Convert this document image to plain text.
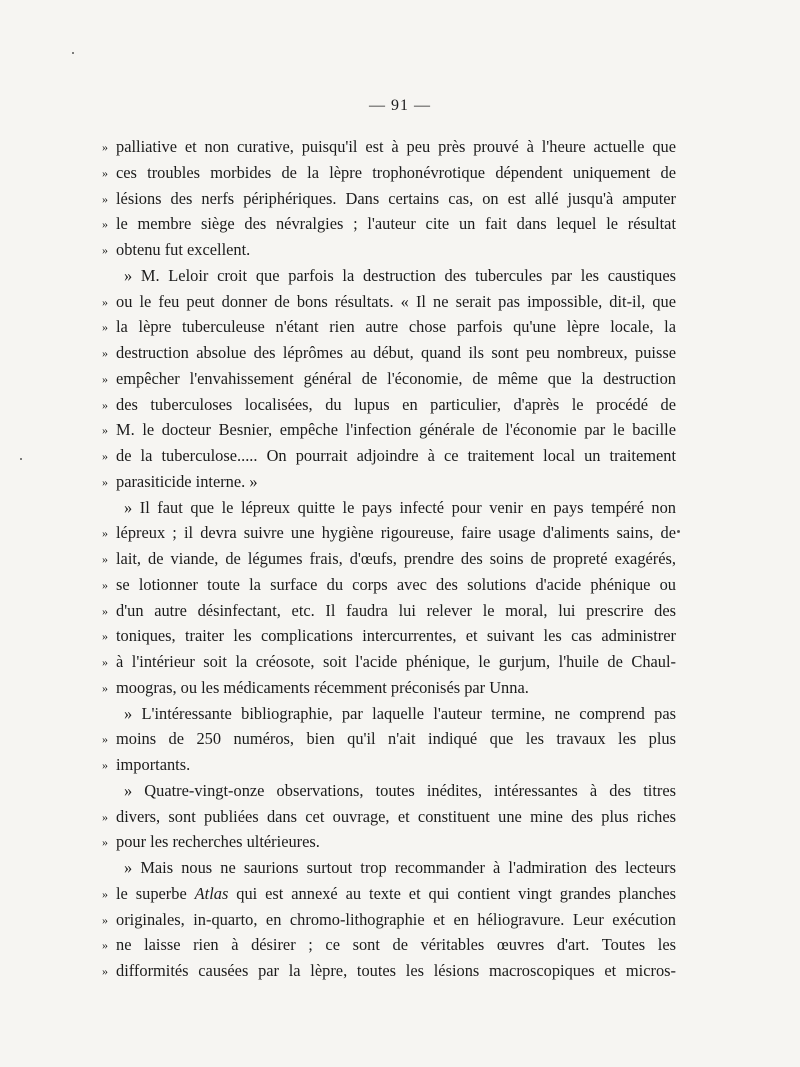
— 91 —
» palliative et non curative, puisqu'il est à peu près prouvé à l'heure actuelle que
» ces troubles morbides de la lèpre trophonévrotique dépendent uniquement de
» lésions des nerfs périphériques. Dans certains cas, on est allé jusqu'à amputer
» le membre siège des névralgies ; l'auteur cite un fait dans lequel le résultat
» obtenu fut excellent.
» M. Leloir croit que parfois la destruction des tubercules par les caustiques
» ou le feu peut donner de bons résultats. « Il ne serait pas impossible, dit-il, que
» la lèpre tuberculeuse n'étant rien autre chose parfois qu'une lèpre locale, la
» destruction absolue des léprômes au début, quand ils sont peu nombreux, puisse
» empêcher l'envahissement général de l'économie, de même que la destruction
» des tuberculoses localisées, du lupus en particulier, d'après le procédé de
» M. le docteur Besnier, empêche l'infection générale de l'économie par le bacille
» de la tuberculose..... On pourrait adjoindre à ce traitement local un traitement
» parasiticide interne. »
» Il faut que le lépreux quitte le pays infecté pour venir en pays tempéré non
» lépreux ; il devra suivre une hygiène rigoureuse, faire usage d'aliments sains, de
» lait, de viande, de légumes frais, d'œufs, prendre des soins de propreté exagérés,
» se lotionner toute la surface du corps avec des solutions d'acide phénique ou
» d'un autre désinfectant, etc. Il faudra lui relever le moral, lui prescrire des
» toniques, traiter les complications intercurrentes, et suivant les cas administrer
» à l'intérieur soit la créosote, soit l'acide phénique, le gurjum, l'huile de Chaul-
» moogras, ou les médicaments récemment préconisés par Unna.
» L'intéressante bibliographie, par laquelle l'auteur termine, ne comprend pas
» moins de 250 numéros, bien qu'il n'ait indiqué que les travaux les plus
» importants.
» Quatre-vingt-onze observations, toutes inédites, intéressantes à des titres
» divers, sont publiées dans cet ouvrage, et constituent une mine des plus riches
» pour les recherches ultérieures.
» Mais nous ne saurions surtout trop recommander à l'admiration des lecteurs
» le superbe Atlas qui est annexé au texte et qui contient vingt grandes planches
» originales, in-quarto, en chromo-lithographie et en héliogravure. Leur exécution
» ne laisse rien à désirer ; ce sont de véritables œuvres d'art. Toutes les
» difformités causées par la lèpre, toutes les lésions macroscopiques et micros-
